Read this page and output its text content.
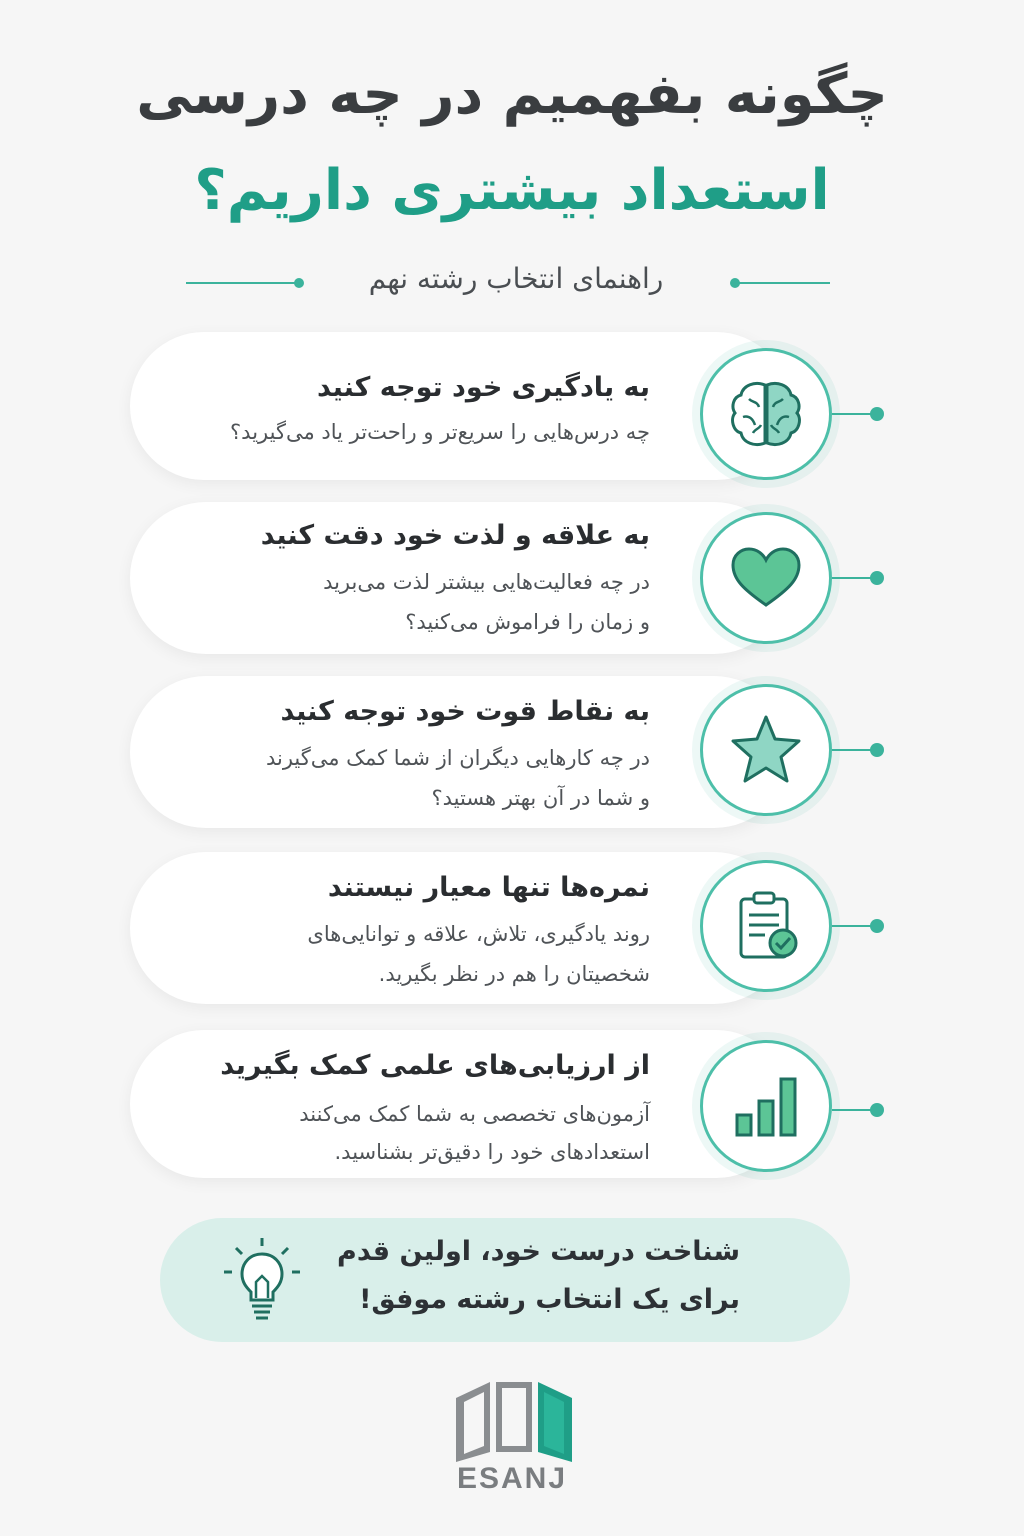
چگونه بفهمیم در چه درسی
استعداد بیشتری داریم؟
راهنمای انتخاب رشته نهم
به یادگیری خود توجه کنید
چه درس‌هایی را سریع‌تر و راحت‌تر یاد می‌گیرید؟
به علاقه و لذت خود دقت کنید
در چه فعالیت‌هایی بیشتر لذت می‌برید
و زمان را فراموش می‌کنید؟
به نقاط قوت خود توجه کنید
در چه کارهایی دیگران از شما کمک می‌گیرند
و شما در آن بهتر هستید؟
نمره‌ها تنها معیار نیستند
روند یادگیری، تلاش، علاقه و توانایی‌های
شخصیتان را هم در نظر بگیرید.
از ارزیابی‌های علمی کمک بگیرید
آزمون‌های تخصصی به شما کمک می‌کنند
استعدادهای خود را دقیق‌تر بشناسید.
شناخت درست خود، اولین قدم
برای یک انتخاب رشته موفق!
ESANJ
